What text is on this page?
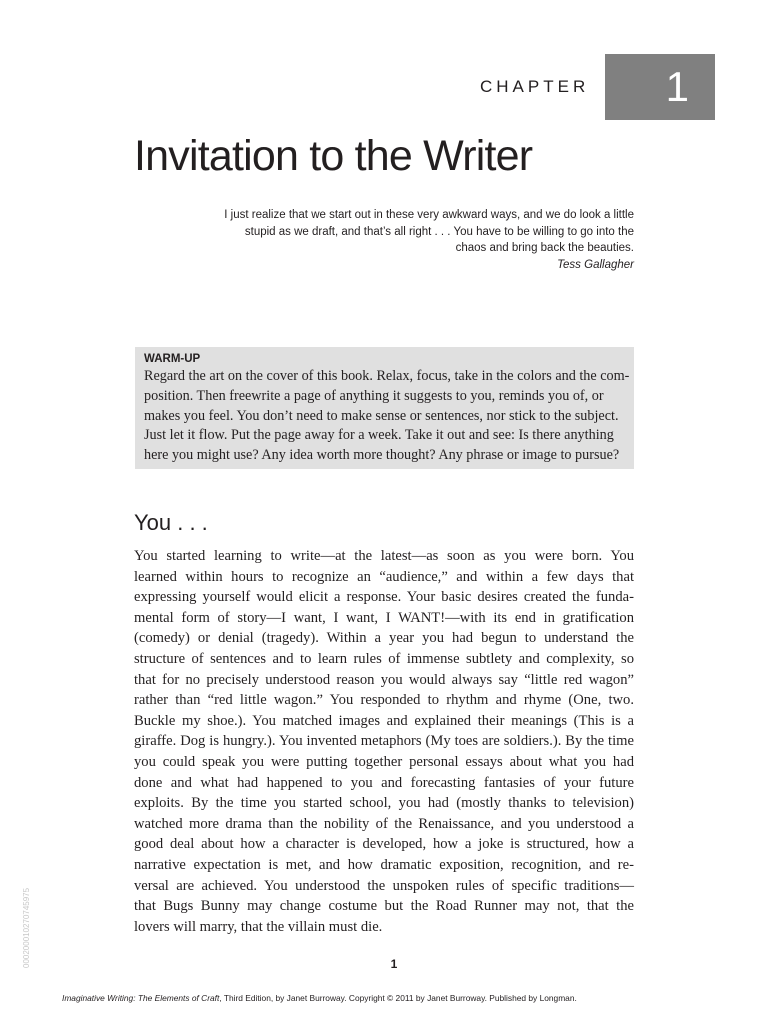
CHAPTER	1
Invitation to the Writer
I just realize that we start out in these very awkward ways, and we do look a little
stupid as we draft, and that’s all right . . . You have to be willing to go into the
chaos and bring back the beauties.
Tess Gallagher
WARM-UP
Regard the art on the cover of this book. Relax, focus, take in the colors and the com-
position. Then freewrite a page of anything it suggests to you, reminds you of, or
makes you feel. You don’t need to make sense or sentences, nor stick to the subject.
Just let it flow. Put the page away for a week. Take it out and see: Is there anything
here you might use? Any idea worth more thought? Any phrase or image to pursue?
You . . .
You started learning to write—at the latest—as soon as you were born. You
learned within hours to recognize an “audience,” and within a few days that
expressing yourself would elicit a response. Your basic desires created the funda-
mental form of story—I want, I want, I WANT!—with its end in gratification
(comedy) or denial (tragedy). Within a year you had begun to understand the
structure of sentences and to learn rules of immense subtlety and complexity, so
that for no precisely understood reason you would always say “little red wagon”
rather than “red little wagon.” You responded to rhythm and rhyme (One, two.
Buckle my shoe.). You matched images and explained their meanings (This is a
giraffe. Dog is hungry.). You invented metaphors (My toes are soldiers.). By the time
you could speak you were putting together personal essays about what you had
done and what had happened to you and forecasting fantasies of your future
exploits. By the time you started school, you had (mostly thanks to television)
watched more drama than the nobility of the Renaissance, and you understood a
good deal about how a character is developed, how a joke is structured, how a
narrative expectation is met, and how dramatic exposition, recognition, and re-
versal are achieved. You understood the unspoken rules of specific traditions—
that Bugs Bunny may change costume but the Road Runner may not, that the
lovers will marry, that the villain must die.
1
Imaginative Writing: The Elements of Craft, Third Edition, by Janet Burroway. Copyright © 2011 by Janet Burroway. Published by Longman.
000200010270745975
